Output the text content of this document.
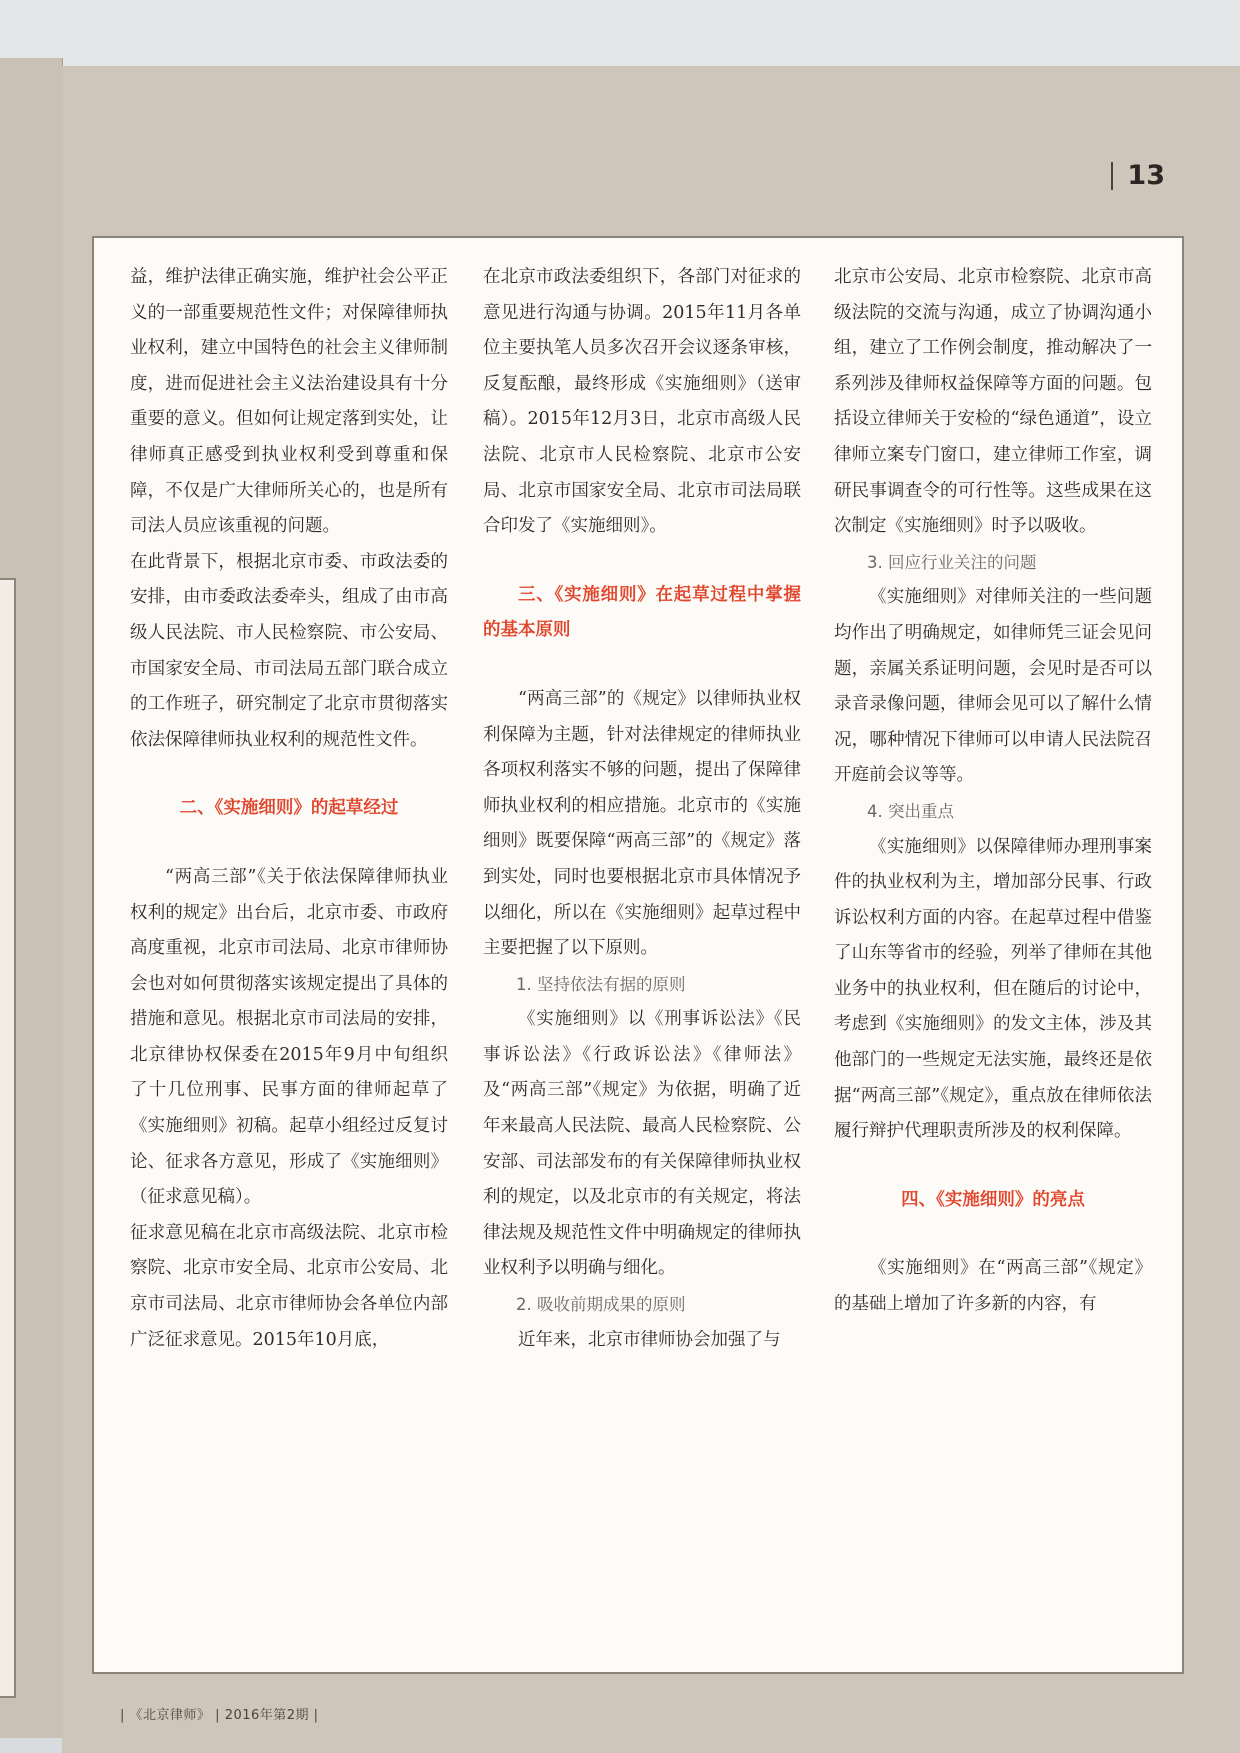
13

益，维护法律正确实施，维护社会公平正义的一部重要规范性文件；对保障律师执业权利，建立中国特色的社会主义律师制度，进而促进社会主义法治建设具有十分重要的意义。但如何让规定落到实处，让律师真正感受到执业权利受到尊重和保障，不仅是广大律师所关心的，也是所有司法人员应该重视的问题。

在此背景下，根据北京市委、市政法委的安排，由市委政法委牵头，组成了由市高级人民法院、市人民检察院、市公安局、市国家安全局、市司法局五部门联合成立的工作班子，研究制定了北京市贯彻落实依法保障律师执业权利的规范性文件。

二、《实施细则》的起草经过

“两高三部”《关于依法保障律师执业权利的规定》出台后，北京市委、市政府高度重视，北京市司法局、北京市律师协会也对如何贯彻落实该规定提出了具体的措施和意见。根据北京市司法局的安排，北京律协权保委在2015年9月中旬组织了十几位刑事、民事方面的律师起草了《实施细则》初稿。起草小组经过反复讨论、征求各方意见，形成了《实施细则》（征求意见稿）。

征求意见稿在北京市高级法院、北京市检察院、北京市安全局、北京市公安局、北京市司法局、北京市律师协会各单位内部广泛征求意见。2015年10月底，

在北京市政法委组织下，各部门对征求的意见进行沟通与协调。2015年11月各单位主要执笔人员多次召开会议逐条审核，反复酝酿，最终形成《实施细则》（送审稿）。2015年12月3日，北京市高级人民法院、北京市人民检察院、北京市公安局、北京市国家安全局、北京市司法局联合印发了《实施细则》。

三、《实施细则》在起草过程中掌握的基本原则

“两高三部”的《规定》以律师执业权利保障为主题，针对法律规定的律师执业各项权利落实不够的问题，提出了保障律师执业权利的相应措施。北京市的《实施细则》既要保障“两高三部”的《规定》落到实处，同时也要根据北京市具体情况予以细化，所以在《实施细则》起草过程中主要把握了以下原则。

1. 坚持依法有据的原则

《实施细则》以《刑事诉讼法》《民事诉讼法》《行政诉讼法》《律师法》及“两高三部”《规定》为依据，明确了近年来最高人民法院、最高人民检察院、公安部、司法部发布的有关保障律师执业权利的规定，以及北京市的有关规定，将法律法规及规范性文件中明确规定的律师执业权利予以明确与细化。

2. 吸收前期成果的原则

近年来，北京市律师协会加强了与

北京市公安局、北京市检察院、北京市高级法院的交流与沟通，成立了协调沟通小组，建立了工作例会制度，推动解决了一系列涉及律师权益保障等方面的问题。包括设立律师关于安检的“绿色通道”，设立律师立案专门窗口，建立律师工作室，调研民事调查令的可行性等。这些成果在这次制定《实施细则》时予以吸收。

3. 回应行业关注的问题

《实施细则》对律师关注的一些问题均作出了明确规定，如律师凭三证会见问题，亲属关系证明问题，会见时是否可以录音录像问题，律师会见可以了解什么情况，哪种情况下律师可以申请人民法院召开庭前会议等等。

4. 突出重点

《实施细则》以保障律师办理刑事案件的执业权利为主，增加部分民事、行政诉讼权利方面的内容。在起草过程中借鉴了山东等省市的经验，列举了律师在其他业务中的执业权利，但在随后的讨论中，考虑到《实施细则》的发文主体，涉及其他部门的一些规定无法实施，最终还是依据“两高三部”《规定》，重点放在律师依法履行辩护代理职责所涉及的权利保障。

四、《实施细则》的亮点

《实施细则》在“两高三部”《规定》的基础上增加了许多新的内容，有

| 《北京律师》 | 2016年第2期 |
